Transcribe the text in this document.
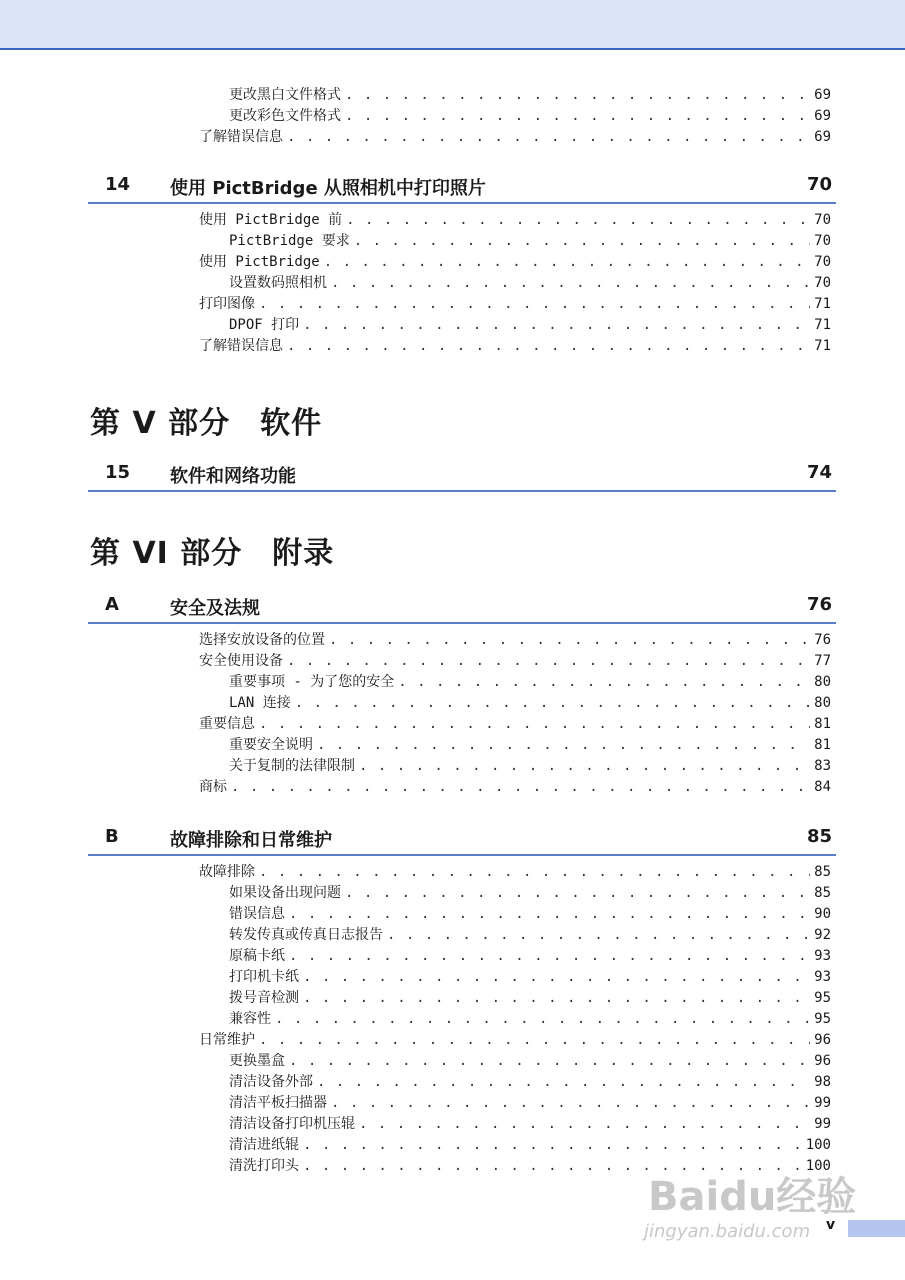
更改黑白文件格式 . . .	69
更改彩色文件格式 . . .	69
了解错误信息 . . .	69
14 使用 PictBridge 从照相机中打印照片	70
使用 PictBridge 前 . . .	70
PictBridge 要求 . . .	70
使用 PictBridge . . .	70
设置数码照相机 . . .	70
打印图像 . . .	71
DPOF 打印 . . .	71
了解错误信息 . . .	71
第 V 部分 软件
15 软件和网络功能	74
第 VI 部分 附录
A	安全及法规	76
选择安放设备的位置 . . .	76
安全使用设备 . . .	77
重要事项 - 为了您的安全 . . .	80
LAN 连接 . . .	80
重要信息 . . .	81
重要安全说明 . . .	81
关于复制的法律限制 . . .	83
商标 . . .	84
B	故障排除和日常维护	85
故障排除 . . .	85
如果设备出现问题 . . .	85
错误信息 . . .	90
转发传真或传真日志报告 . . .	92
原稿卡纸 . . .	93
打印机卡纸 . . .	93
拨号音检测 . . .	95
兼容性 . . .	95
日常维护 . . .	96
更换墨盒 . . .	96
清洁设备外部 . . .	98
清洁平板扫描器 . . .	99
清洁设备打印机压辊 . . .	99
清洁进纸辊 . . .	100
清洗打印头 . . .	100
v
Baidu经验
jingyan.baidu.com
